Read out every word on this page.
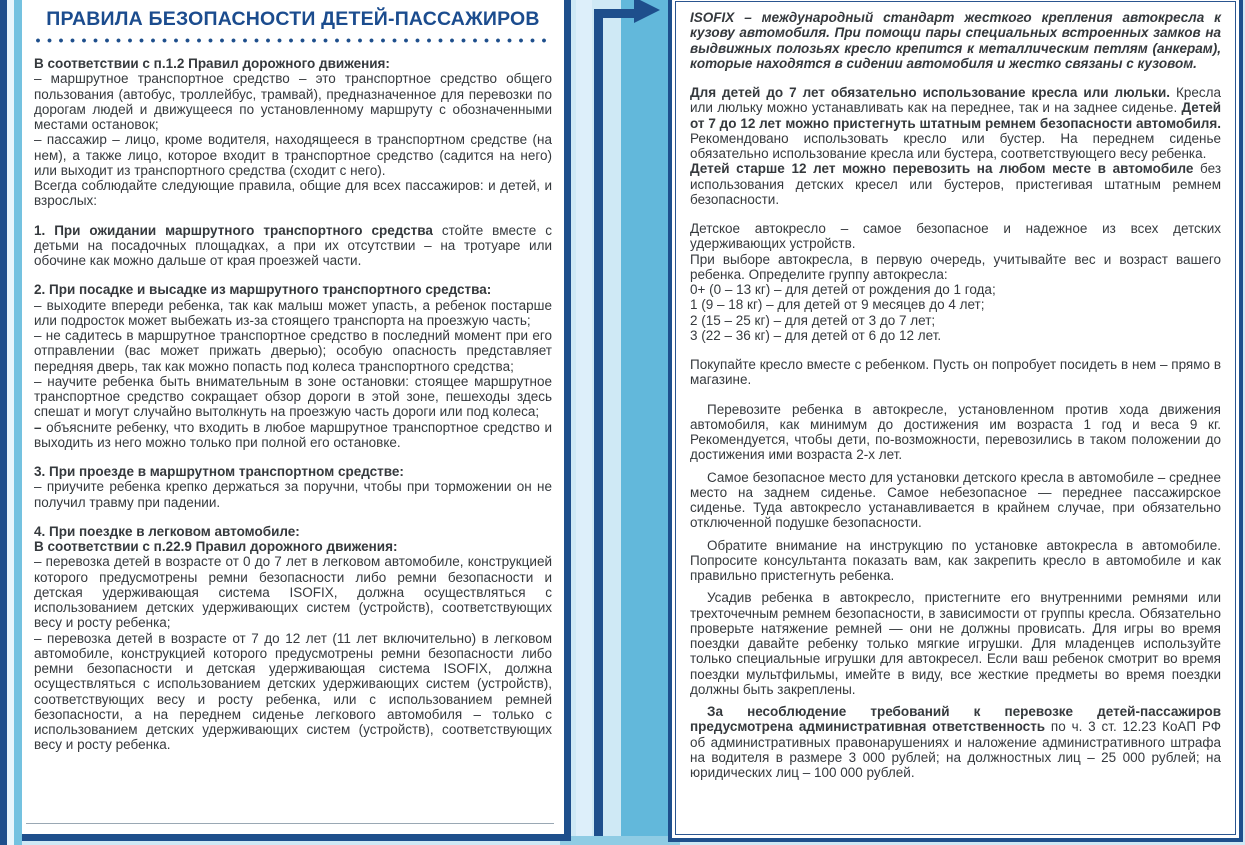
ПРАВИЛА БЕЗОПАСНОСТИ ДЕТЕЙ-ПАССАЖИРОВ

В соответствии с п.1.2 Правил дорожного движения:

– маршрутное транспортное средство – это транспортное средство общего пользования (автобус, троллейбус, трамвай), предназначенное для перевозки по дорогам людей и движущееся по установленному маршруту с обозначенными местами остановок;

– пассажир – лицо, кроме водителя, находящееся в транспортном средстве (на нем), а также лицо, которое входит в транспортное средство (садится на него) или выходит из транспортного средства (сходит с него).

Всегда соблюдайте следующие правила, общие для всех пассажиров: и детей, и взрослых:

1. При ожидании маршрутного транспортного средства стойте вместе с детьми на посадочных площадках, а при их отсутствии – на тротуаре или обочине как можно дальше от края проезжей части.

2. При посадке и высадке из маршрутного транспортного средства:

– выходите впереди ребенка, так как малыш может упасть, а ребенок постарше или подросток может выбежать из-за стоящего транспорта на проезжую часть;

– не садитесь в маршрутное транспортное средство в последний момент при его отправлении (вас может прижать дверью); особую опасность представляет передняя дверь, так как можно попасть под колеса транспортного средства;

– научите ребенка быть внимательным в зоне остановки: стоящее маршрутное транспортное средство сокращает обзор дороги в этой зоне, пешеходы здесь спешат и могут случайно вытолкнуть на проезжую часть дороги или под колеса;

– объясните ребенку, что входить в любое маршрутное транспортное средство и выходить из него можно только при полной его остановке.

3. При проезде в маршрутном транспортном средстве:

– приучите ребенка крепко держаться за поручни, чтобы при торможении он не получил травму при падении.

4. При поездке в легковом автомобиле:

В соответствии с п.22.9 Правил дорожного движения:

– перевозка детей в возрасте от 0 до 7 лет в легковом автомобиле, конструкцией которого предусмотрены ремни безопасности либо ремни безопасности и детская удерживающая система ISOFIX, должна осуществляться с использованием детских удерживающих систем (устройств), соответствующих весу и росту ребенка;

– перевозка детей в возрасте от 7 до 12 лет (11 лет включительно) в легковом автомобиле, конструкцией которого предусмотрены ремни безопасности либо ремни безопасности и детская удерживающая система ISOFIX, должна осуществляться с использованием детских удерживающих систем (устройств), соответствующих весу и росту ребенка, или с использованием ремней безопасности, а на переднем сиденье легкового автомобиля – только с использованием детских удерживающих систем (устройств), соответствующих весу и росту ребенка.

ISOFIX – международный стандарт жесткого крепления автокресла к кузову автомобиля. При помощи пары специальных встроенных замков на выдвижных полозьях кресло крепится к металлическим петлям (анкерам), которые находятся в сидении автомобиля и жестко связаны с кузовом.

Для детей до 7 лет обязательно использование кресла или люльки. Кресла или люльку можно устанавливать как на переднее, так и на заднее сиденье. Детей от 7 до 12 лет можно пристегнуть штатным ремнем безопасности автомобиля. Рекомендовано использовать кресло или бустер. На переднем сиденье обязательно использование кресла или бустера, соответствующего весу ребенка.

Детей старше 12 лет можно перевозить на любом месте в автомобиле без использования детских кресел или бустеров, пристегивая штатным ремнем безопасности.

Детское автокресло – самое безопасное и надежное из всех детских удерживающих устройств.

При выборе автокресла, в первую очередь, учитывайте вес и возраст вашего ребенка. Определите группу автокресла:

0+ (0 – 13 кг) – для детей от рождения до 1 года;

1 (9 – 18 кг) – для детей от 9 месяцев до 4 лет;

2 (15 – 25 кг) – для детей от 3 до 7 лет;

3 (22 – 36 кг) – для детей от 6 до 12 лет.

Покупайте кресло вместе с ребенком. Пусть он попробует посидеть в нем – прямо в магазине.

Перевозите ребенка в автокресле, установленном против хода движения автомобиля, как минимум до достижения им возраста 1 год и веса 9 кг. Рекомендуется, чтобы дети, по-возможности, перевозились в таком положении до достижения ими возраста 2-х лет.

Самое безопасное место для установки детского кресла в автомобиле – среднее место на заднем сиденье. Самое небезопасное — переднее пассажирское сиденье. Туда автокресло устанавливается в крайнем случае, при обязательно отключенной подушке безопасности.

Обратите внимание на инструкцию по установке автокресла в автомобиле. Попросите консультанта показать вам, как закрепить кресло в автомобиле и как правильно пристегнуть ребенка.

Усадив ребенка в автокресло, пристегните его внутренними ремнями или трехточечным ремнем безопасности, в зависимости от группы кресла. Обязательно проверьте натяжение ремней — они не должны провисать. Для игры во время поездки давайте ребенку только мягкие игрушки. Для младенцев используйте только специальные игрушки для автокресел. Если ваш ребенок смотрит во время поездки мультфильмы, имейте в виду, все жесткие предметы во время поездки должны быть закреплены.

За несоблюдение требований к перевозке детей-пассажиров предусмотрена административная ответственность по ч. 3 ст. 12.23 КоАП РФ об административных правонарушениях и наложение административного штрафа на водителя в размере 3 000 рублей; на должностных лиц – 25 000 рублей; на юридических лиц – 100 000 рублей.
